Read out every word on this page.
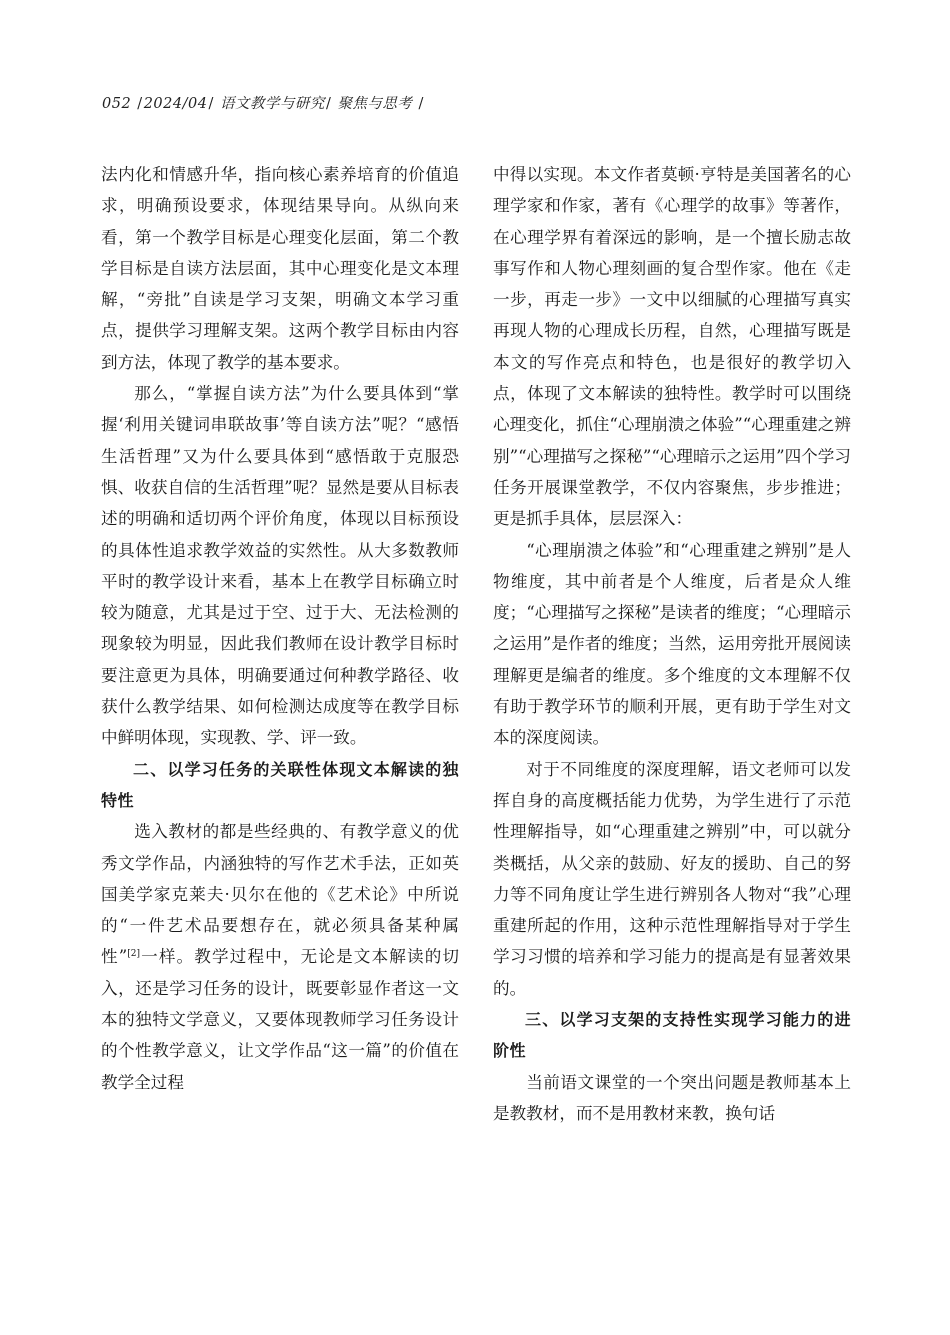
052 /2024/04/ 语文教学与研究/ 聚焦与思考 /

法内化和情感升华，指向核心素养培育的价值追求，明确预设要求，体现结果导向。从纵向来看，第一个教学目标是心理变化层面，第二个教学目标是自读方法层面，其中心理变化是文本理解，“旁批”自读是学习支架，明确文本学习重点，提供学习理解支架。这两个教学目标由内容到方法，体现了教学的基本要求。

那么，“掌握自读方法”为什么要具体到“掌握‘利用关键词串联故事’等自读方法”呢？“感悟生活哲理”又为什么要具体到“感悟敢于克服恐惧、收获自信的生活哲理”呢？显然是要从目标表述的明确和适切两个评价角度，体现以目标预设的具体性追求教学效益的实然性。从大多数教师平时的教学设计来看，基本上在教学目标确立时较为随意，尤其是过于空、过于大、无法检测的现象较为明显，因此我们教师在设计教学目标时要注意更为具体，明确要通过何种教学路径、收获什么教学结果、如何检测达成度等在教学目标中鲜明体现，实现教、学、评一致。

二、以学习任务的关联性体现文本解读的独特性

选入教材的都是些经典的、有教学意义的优秀文学作品，内涵独特的写作艺术手法，正如英国美学家克莱夫·贝尔在他的《艺术论》中所说的“一件艺术品要想存在，就必须具备某种属性”[2]一样。教学过程中，无论是文本解读的切入，还是学习任务的设计，既要彰显作者这一文本的独特文学意义，又要体现教师学习任务设计的个性教学意义，让文学作品“这一篇”的价值在教学全过程

中得以实现。本文作者莫顿·亨特是美国著名的心理学家和作家，著有《心理学的故事》等著作，在心理学界有着深远的影响，是一个擅长励志故事写作和人物心理刻画的复合型作家。他在《走一步，再走一步》一文中以细腻的心理描写真实再现人物的心理成长历程，自然，心理描写既是本文的写作亮点和特色，也是很好的教学切入点，体现了文本解读的独特性。教学时可以围绕心理变化，抓住“心理崩溃之体验”“心理重建之辨别”“心理描写之探秘”“心理暗示之运用”四个学习任务开展课堂教学，不仅内容聚焦，步步推进；更是抓手具体，层层深入：

“心理崩溃之体验”和“心理重建之辨别”是人物维度，其中前者是个人维度，后者是众人维度；“心理描写之探秘”是读者的维度；“心理暗示之运用”是作者的维度；当然，运用旁批开展阅读理解更是编者的维度。多个维度的文本理解不仅有助于教学环节的顺利开展，更有助于学生对文本的深度阅读。

对于不同维度的深度理解，语文老师可以发挥自身的高度概括能力优势，为学生进行了示范性理解指导，如“心理重建之辨别”中，可以就分类概括，从父亲的鼓励、好友的援助、自己的努力等不同角度让学生进行辨别各人物对“我”心理重建所起的作用，这种示范性理解指导对于学生学习习惯的培养和学习能力的提高是有显著效果的。

三、以学习支架的支持性实现学习能力的进阶性

当前语文课堂的一个突出问题是教师基本上是教教材，而不是用教材来教，换句话
